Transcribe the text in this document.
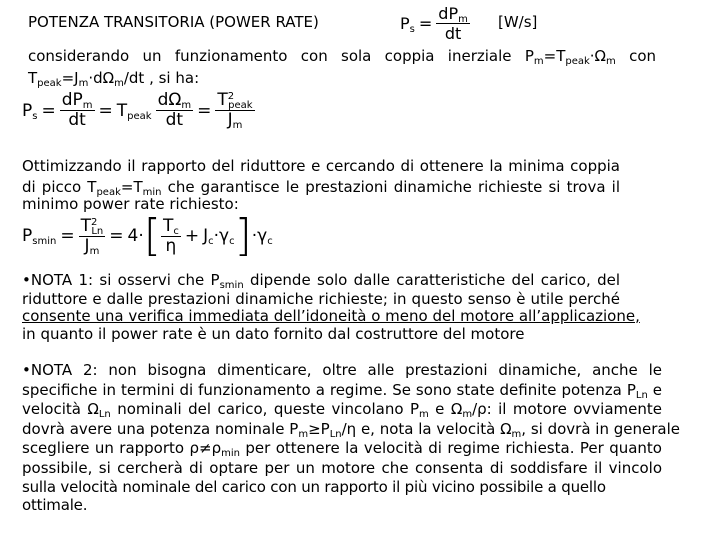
POTENZA TRANSITORIA (POWER RATE)	$P_s = \frac{dP_m}{dt} [W/s]$
considerando un funzionamento con sola coppia inerziale $P_m=T_{peak}\cdot\Omega_m$ con
$T_{peak}=J_m\cdot d\Omega_m/dt$ , si ha:
$P_s = \frac{dP_m}{dt} = T_{peak} \frac{d\Omega_m}{dt} = \frac{T^2_{peak}}{J_m}$
Ottimizzando il rapporto del riduttore e cercando di ottenere la minima coppia
di picco $T_{peak}=T_{min}$ che garantisce le prestazioni dinamiche richieste si trova il
minimo power rate richiesto:
$P_{smin} = \frac{T^2_{Ln}}{J_m} = 4\cdot$ [ $\frac{T_c}{\eta} + J_c\cdot\gamma_c$ ] $\cdot\gamma_c$
•NOTA 1: si osservi che $P_{smin}$ dipende solo dalle caratteristiche del carico, del
riduttore e dalle prestazioni dinamiche richieste; in questo senso è utile perché
consente una verifica immediata dell’idoneità o meno del motore all’applicazione,
in quanto il power rate è un dato fornito dal costruttore del motore
•NOTA 2: non bisogna dimenticare, oltre alle prestazioni dinamiche, anche le
specifiche in termini di funzionamento a regime. Se sono state definite potenza $P_{Ln}$ e
velocità $\Omega_{Ln}$ nominali del carico, queste vincolano $P_m$ e $\Omega_m/\rho$: il motore ovviamente
dovrà avere una potenza nominale $P_m\ge P_{Ln}/\eta$ e, nota la velocità $\Omega_m$, si dovrà in generale
scegliere un rapporto $\rho\ne\rho_{min}$ per ottenere la velocità di regime richiesta. Per quanto
possibile, si cercherà di optare per un motore che consenta di soddisfare il vincolo
sulla velocità nominale del carico con un rapporto il più vicino possibile a quello ottimale.
